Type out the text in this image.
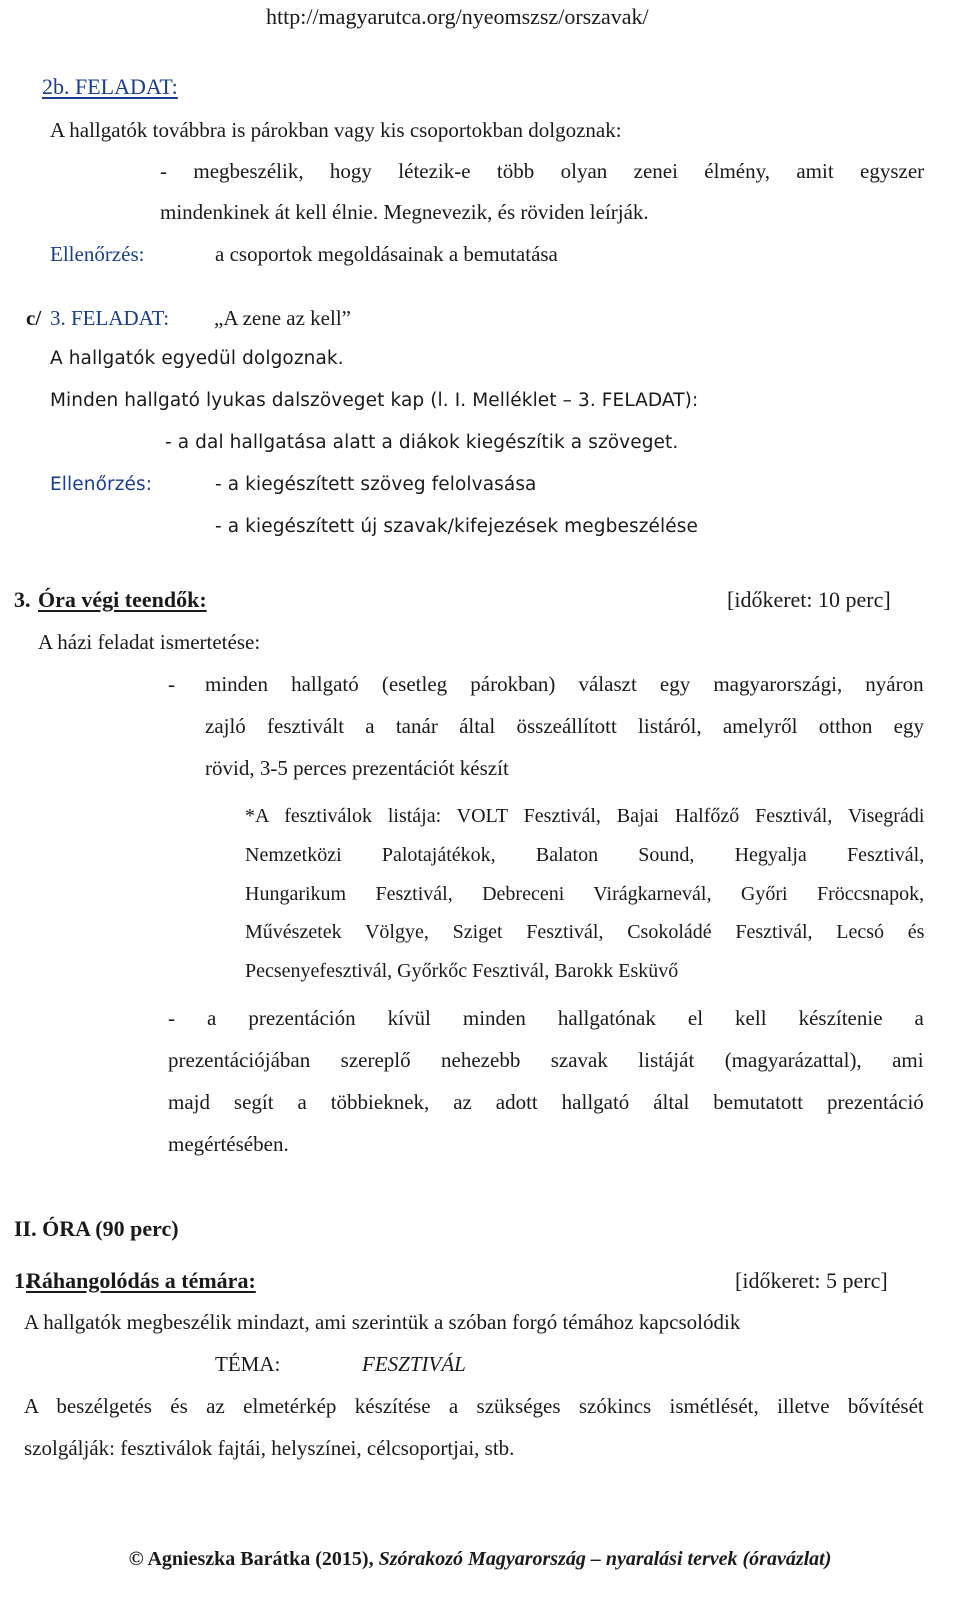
http://magyarutca.org/nyeomszsz/orszavak/
2b. FELADAT:
A hallgatók továbbra is párokban vagy kis csoportokban dolgoznak:
- megbeszélik, hogy létezik-e több olyan zenei élmény, amit egyszer
mindenkinek át kell élnie. Megnevezik, és röviden leírják.
Ellenőrzés:	a csoportok megoldásainak a bemutatása
c/ 3. FELADAT: „A zene az kell”
A hallgatók egyedül dolgoznak.
Minden hallgató lyukas dalszöveget kap (l. I. Melléklet – 3. FELADAT):
- a dal hallgatása alatt a diákok kiegészítik a szöveget.
Ellenőrzés:	- a kiegészített szöveg felolvasása
- a kiegészített új szavak/kifejezések megbeszélése
3. Óra végi teendők:	[időkeret: 10 perc]
A házi feladat ismertetése:
- minden hallgató (esetleg párokban) választ egy magyarországi, nyáron
zajló fesztivált a tanár által összeállított listáról, amelyről otthon egy
rövid, 3-5 perces prezentációt készít
*A fesztiválok listája: VOLT Fesztivál, Bajai Halfőző Fesztivál, Visegrádi
Nemzetközi Palotajátékok, Balaton Sound, Hegyalja Fesztivál,
Hungarikum Fesztivál, Debreceni Virágkarnevál, Győri Fröccsnapok,
Művészetek Völgye, Sziget Fesztivál, Csokoládé Fesztivál, Lecsó és
Pecsenyefesztivál, Győrkőc Fesztivál, Barokk Esküvő
- a prezentáción kívül minden hallgatónak el kell készítenie a
prezentációjában szereplő nehezebb szavak listáját (magyarázattal), ami
majd segít a többieknek, az adott hallgató által bemutatott prezentáció
megértésében.
II. ÓRA (90 perc)
1.
Ráhangolódás a témára:	[időkeret: 5 perc]
A hallgatók megbeszélik mindazt, ami szerintük a szóban forgó témához kapcsolódik
TÉMA:	FESZTIVÁL
A beszélgetés és az elmetérkép készítése a szükséges szókincs ismétlését, illetve bővítését
szolgálják: fesztiválok fajtái, helyszínei, célcsoportjai, stb.
© Agnieszka Barátka (2015), Szórakozó Magyarország – nyaralási tervek (óravázlat)
